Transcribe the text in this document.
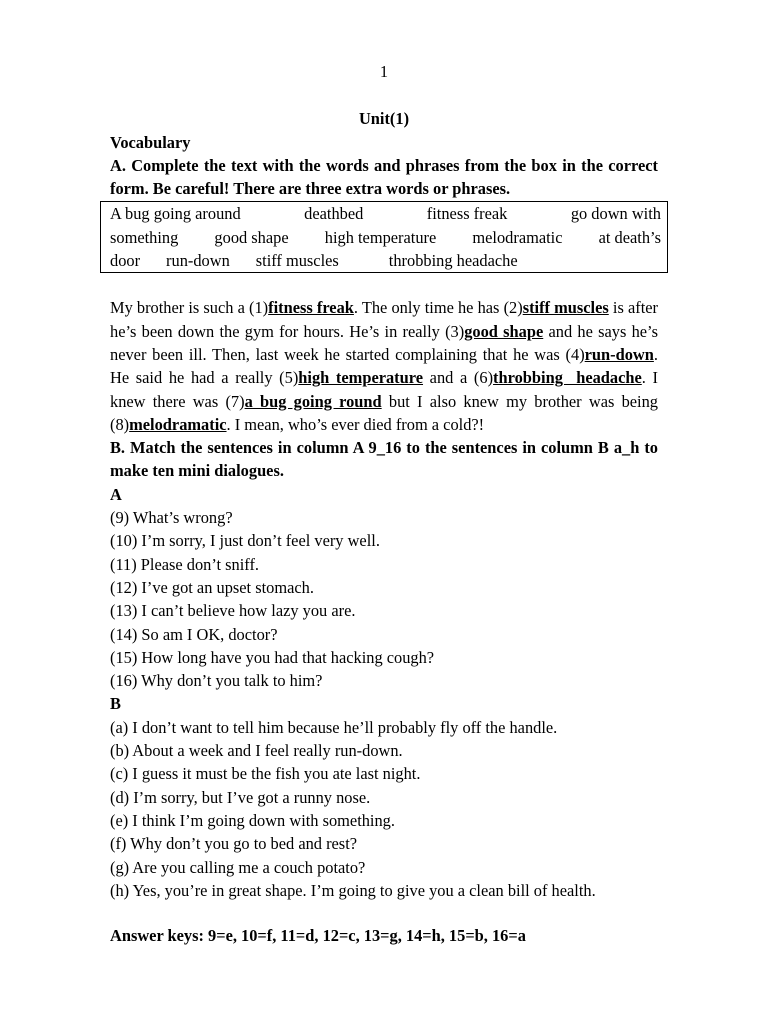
1

Unit(1)

Vocabulary

A. Complete the text with the words and phrases from the box in the correct form. Be careful! There are three extra words or phrases.

A bug going around	deathbed	fitness freak	go down with
something good shape high temperature melodramatic at death’s
door run-down stiff muscles	throbbing headache

My brother is such a (1)fitness freak. The only time he has (2)stiff muscles is after he’s been down the gym for hours. He’s in really (3)good shape and he says he’s never been ill. Then, last week he started complaining that he was (4)run-down. He said he had a really (5)high temperature and a (6)throbbing  headache. I knew there was (7)a bug going round but I also knew my brother was being (8)melodramatic. I mean, who’s ever died from a cold?!

B. Match the sentences in column A 9_16 to the sentences in column B a_h to make ten mini dialogues.

A

(9) What’s wrong?

(10) I’m sorry, I just don’t feel very well.

(11) Please don’t sniff.

(12) I’ve got an upset stomach.

(13) I can’t believe how lazy you are.

(14) So am I OK, doctor?

(15) How long have you had that hacking cough?

(16) Why don’t you talk to him?

B

(a) I don’t want to tell him because he’ll probably fly off the handle.

(b) About a week and I feel really run-down.

(c) I guess it must be the fish you ate last night.

(d) I’m sorry, but I’ve got a runny nose.

(e) I think I’m going down with something.

(f) Why don’t you go to bed and rest?

(g) Are you calling me a couch potato?

(h) Yes, you’re in great shape. I’m going to give you a clean bill of health.

Answer keys: 9=e, 10=f, 11=d, 12=c, 13=g, 14=h, 15=b, 16=a
